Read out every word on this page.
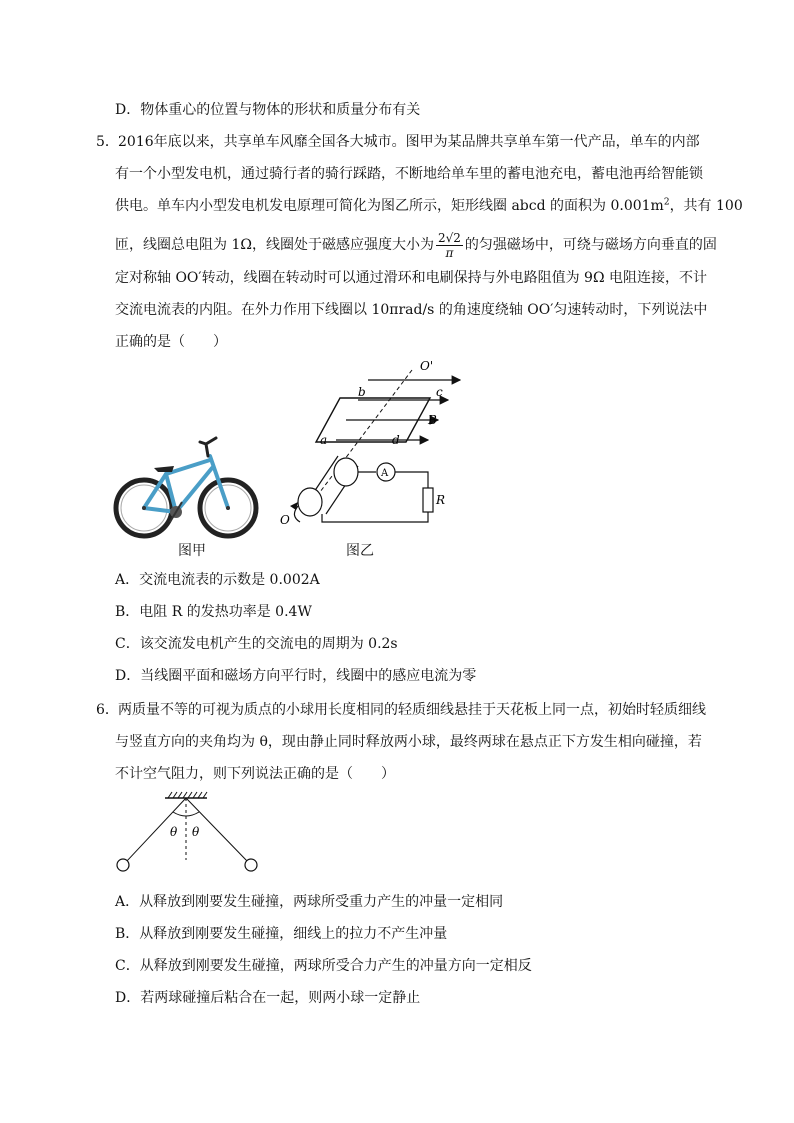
D．物体重心的位置与物体的形状和质量分布有关
5． 2016年底以来，共享单车风靡全国各大城市。图甲为某品牌共享单车第一代产品，单车的内部
有一个小型发电机，通过骑行者的骑行踩踏，不断地给单车里的蓄电池充电，蓄电池再给智能锁
供电。单车内小型发电机发电原理可简化为图乙所示，矩形线圈 abcd 的面积为 $0.001m^2$，共有 100
匝，线圈总电阻为 1Ω，线圈处于磁感应强度大小为 $\frac{2√2}{\pi}$ 的匀强磁场中，可绕与磁场方向垂直的固
定对称轴 OO′转动，线圈在转动时可以通过滑环和电刷保持与外电路阻值为 9Ω 电阻连接，不计
交流电流表的内阻。在外力作用下线圈以 10πrad/s 的角速度绕轴 OO′匀速转动时，下列说法中
正确的是（　　）
图甲
O'
b	c
B
a	d
A
R
O
图乙
A．交流电流表的示数是 0.002A
B．电阻 R 的发热功率是 0.4W
C．该交流发电机产生的交流电的周期为 0.2s
D．当线圈平面和磁场方向平行时，线圈中的感应电流为零
6． 两质量不等的可视为质点的小球用长度相同的轻质细线悬挂于天花板上同一点，初始时轻质细线
与竖直方向的夹角均为 θ，现由静止同时释放两小球，最终两球在悬点正下方发生相向碰撞，若
不计空气阻力，则下列说法正确的是（　　）
θ θ
A．从释放到刚要发生碰撞，两球所受重力产生的冲量一定相同
B．从释放到刚要发生碰撞，细线上的拉力不产生冲量
C．从释放到刚要发生碰撞，两球所受合力产生的冲量方向一定相反
D．若两球碰撞后粘合在一起，则两小球一定静止
